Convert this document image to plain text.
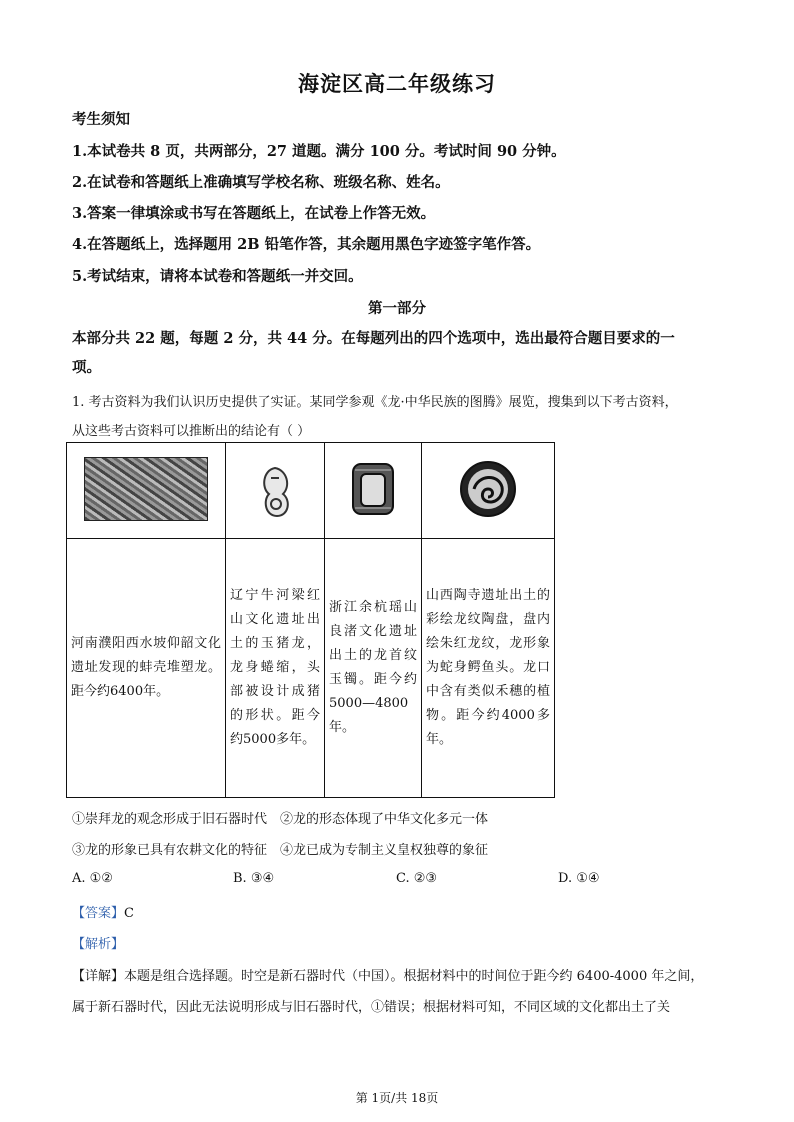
海淀区高二年级练习
考生须知
1.本试卷共 8 页，共两部分，27 道题。满分 100 分。考试时间 90 分钟。
2.在试卷和答题纸上准确填写学校名称、班级名称、姓名。
3.答案一律填涂或书写在答题纸上，在试卷上作答无效。
4.在答题纸上，选择题用 2B 铅笔作答，其余题用黑色字迹签字笔作答。
5.考试结束，请将本试卷和答题纸一并交回。
第一部分
本部分共 22 题，每题 2 分，共 44 分。在每题列出的四个选项中，选出最符合题目要求的一
项。
1. 考古资料为我们认识历史提供了实证。某同学参观《龙·中华民族的图腾》展览，搜集到以下考古资料，
从这些考古资料可以推断出的结论有（ ）

河南濮阳西水坡仰韶文化遗址发现的蚌壳堆塑龙。距今约6400年。	辽宁牛河梁红山文化遗址出土的玉猪龙，龙身蜷缩，头部被设计成猪的形状。距今约5000多年。	浙江余杭瑶山良渚文化遗址出土的龙首纹玉镯。距今约5000—4800年。	山西陶寺遗址出土的彩绘龙纹陶盘，盘内绘朱红龙纹，龙形象为蛇身鳄鱼头。龙口中含有类似禾穗的植物。距今约4000多年。
①崇拜龙的观念形成于旧石器时代　②龙的形态体现了中华文化多元一体
③龙的形象已具有农耕文化的特征　④龙已成为专制主义皇权独尊的象征
A. ①②	B. ③④	C. ②③	D. ①④
【答案】C
【解析】
【详解】本题是组合选择题。时空是新石器时代（中国）。根据材料中的时间位于距今约 6400-4000 年之间，
属于新石器时代，因此无法说明形成与旧石器时代，①错误；根据材料可知，不同区域的文化都出土了关
第 1页/共 18页
